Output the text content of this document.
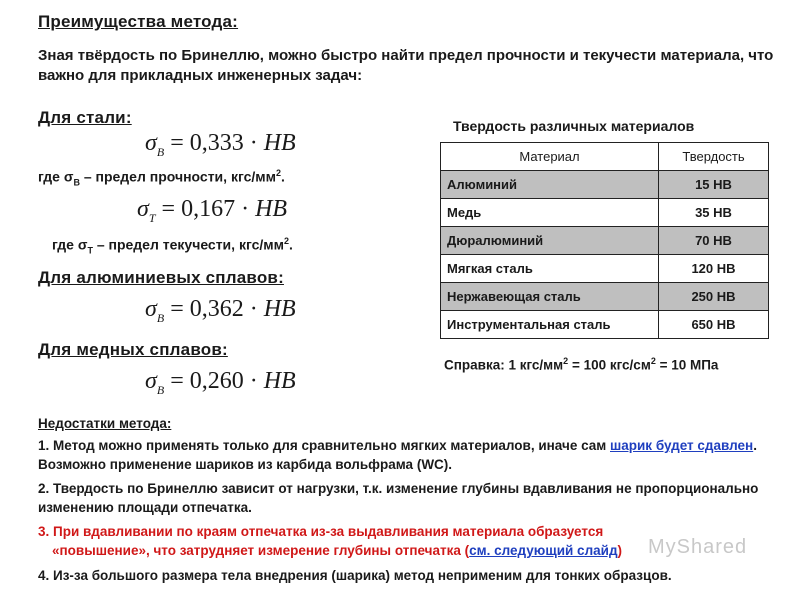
Преимущества метода:
Зная твёрдость по Бринеллю, можно быстро найти предел прочности и текучести материала, что важно для прикладных инженерных задач:
Для стали:
$\sigma_B = 0,333$ · HB
где $\sigma_B$ – предел прочности, кгс/$мм^2$.
$\sigma_T = 0,167$ · HB
где $\sigma_T$ – предел текучести, кгс/$мм^2$.
Для алюминиевых сплавов:
$\sigma_B = 0,362$ · HB
Для медных сплавов:
$\sigma_B = 0,260$ · HB
Твердость различных материалов
Материал	Твердость
Алюминий	15 HB
Медь	35 HB
Дюралюминий	70 HB
Мягкая сталь	120 HB
Нержавеющая сталь	250 HB
Инструментальная сталь	650 HB
Справка: 1 кгс/$мм^2 = 100$ кгс/$см^2 = 10$ МПа
Недостатки метода:
1. Метод можно применять только для сравнительно мягких материалов, иначе сам шарик будет сдавлен. Возможно применение шариков из карбида вольфрама (WC).
2. Твердость по Бринеллю зависит от нагрузки, т.к. изменение глубины вдавливания не пропорционально изменению площади отпечатка.
3. При вдавливании по краям отпечатка из-за выдавливания материала образуется
«повышение», что затрудняет измерение глубины отпечатка (см. следующий слайд)	MyShared
4. Из-за большого размера тела внедрения (шарика) метод неприменим для тонких образцов.
